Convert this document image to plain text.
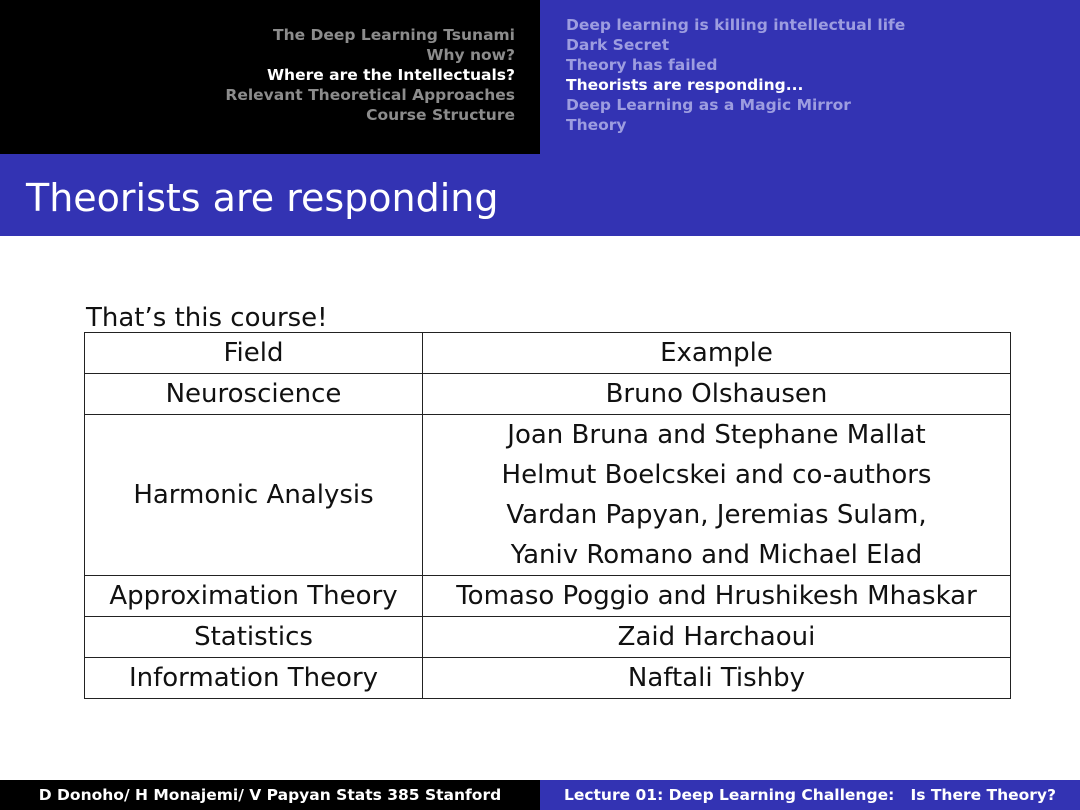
The Deep Learning Tsunami
Why now?
Where are the Intellectuals?
Relevant Theoretical Approaches
Course Structure
Deep learning is killing intellectual life
Dark Secret
Theory has failed
Theorists are responding...
Deep Learning as a Magic Mirror
Theory
Theorists are responding
That’s this course!
Field	Example
Neuroscience	Bruno Olshausen
Harmonic Analysis	Joan Bruna and Stephane Mallat
Helmut Boelcskei and co-authors
Vardan Papyan, Jeremias Sulam,
Yaniv Romano and Michael Elad

Approximation Theory	Tomaso Poggio and Hrushikesh Mhaskar
Statistics	Zaid Harchaoui
Information Theory	Naftali Tishby
D Donoho/ H Monajemi/ V Papyan Stats 385 Stanford	Lecture 01: Deep Learning Challenge:   Is There Theory?
